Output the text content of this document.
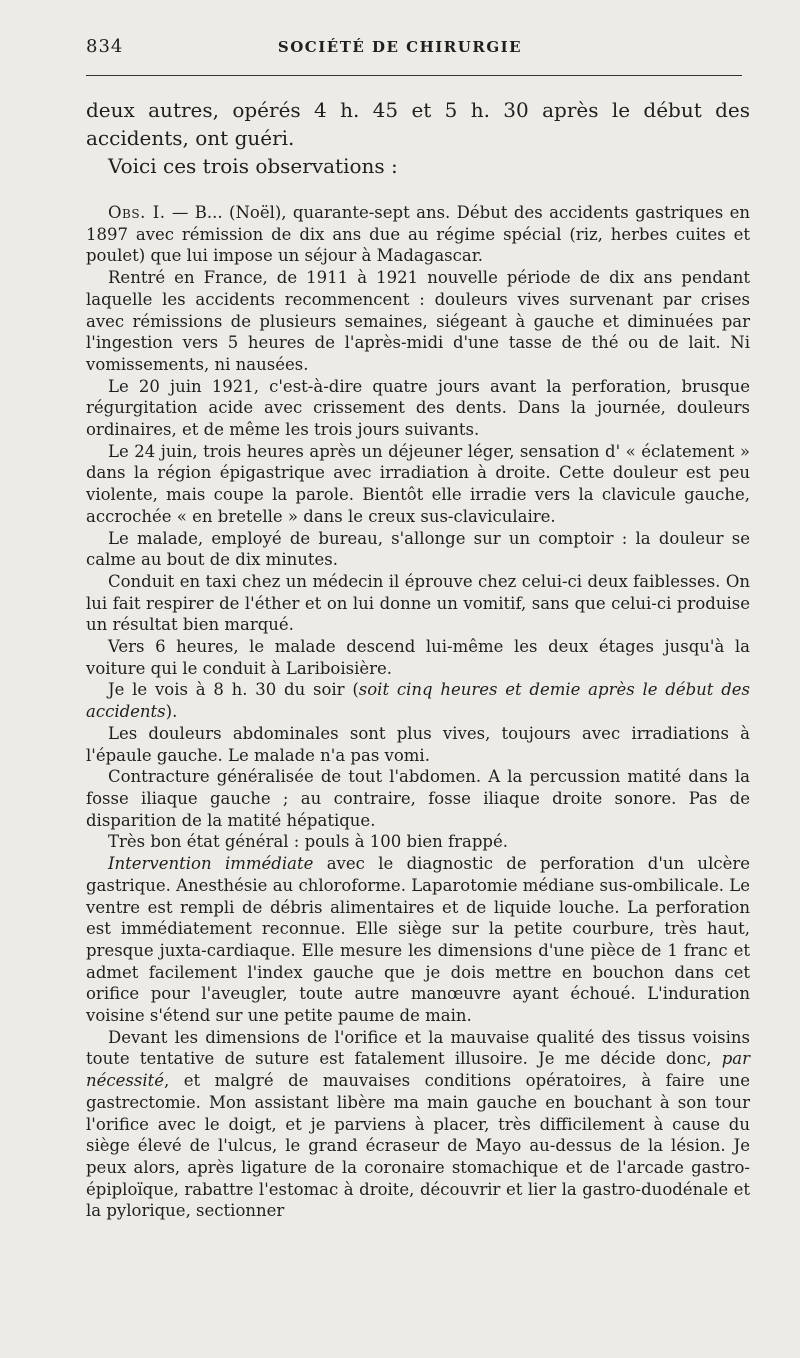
834	SOCIÉTÉ DE CHIRURGIE

deux autres, opérés 4 h. 45 et 5 h. 30 après le début des accidents, ont guéri.

Voici ces trois observations :

Obs. I. — B... (Noël), quarante-sept ans. Début des accidents gastriques en 1897 avec rémission de dix ans due au régime spécial (riz, herbes cuites et poulet) que lui impose un séjour à Madagascar.

Rentré en France, de 1911 à 1921 nouvelle période de dix ans pendant laquelle les accidents recommencent : douleurs vives survenant par crises avec rémissions de plusieurs semaines, siégeant à gauche et diminuées par l'ingestion vers 5 heures de l'après-midi d'une tasse de thé ou de lait. Ni vomissements, ni nausées.

Le 20 juin 1921, c'est-à-dire quatre jours avant la perforation, brusque régurgitation acide avec crissement des dents. Dans la journée, douleurs ordinaires, et de même les trois jours suivants.

Le 24 juin, trois heures après un déjeuner léger, sensation d' « éclatement » dans la région épigastrique avec irradiation à droite. Cette douleur est peu violente, mais coupe la parole. Bientôt elle irradie vers la clavicule gauche, accrochée « en bretelle » dans le creux sus-claviculaire.

Le malade, employé de bureau, s'allonge sur un comptoir : la douleur se calme au bout de dix minutes.

Conduit en taxi chez un médecin il éprouve chez celui-ci deux faiblesses. On lui fait respirer de l'éther et on lui donne un vomitif, sans que celui-ci produise un résultat bien marqué.

Vers 6 heures, le malade descend lui-même les deux étages jusqu'à la voiture qui le conduit à Lariboisière.

Je le vois à 8 h. 30 du soir (soit cinq heures et demie après le début des accidents).

Les douleurs abdominales sont plus vives, toujours avec irradiations à l'épaule gauche. Le malade n'a pas vomi.

Contracture généralisée de tout l'abdomen. A la percussion matité dans la fosse iliaque gauche ; au contraire, fosse iliaque droite sonore. Pas de disparition de la matité hépatique.

Très bon état général : pouls à 100 bien frappé.

Intervention immédiate avec le diagnostic de perforation d'un ulcère gastrique. Anesthésie au chloroforme. Laparotomie médiane sus-ombilicale. Le ventre est rempli de débris alimentaires et de liquide louche. La perforation est immédiatement reconnue. Elle siège sur la petite courbure, très haut, presque juxta-cardiaque. Elle mesure les dimensions d'une pièce de 1 franc et admet facilement l'index gauche que je dois mettre en bouchon dans cet orifice pour l'aveugler, toute autre manœuvre ayant échoué. L'induration voisine s'étend sur une petite paume de main.

Devant les dimensions de l'orifice et la mauvaise qualité des tissus voisins toute tentative de suture est fatalement illusoire. Je me décide donc, par nécessité, et malgré de mauvaises conditions opératoires, à faire une gastrectomie. Mon assistant libère ma main gauche en bouchant à son tour l'orifice avec le doigt, et je parviens à placer, très difficilement à cause du siège élevé de l'ulcus, le grand écraseur de Mayo au-dessus de la lésion. Je peux alors, après ligature de la coronaire stomachique et de l'arcade gastro-épiploïque, rabattre l'estomac à droite, découvrir et lier la gastro-duodénale et la pylorique, sectionner
